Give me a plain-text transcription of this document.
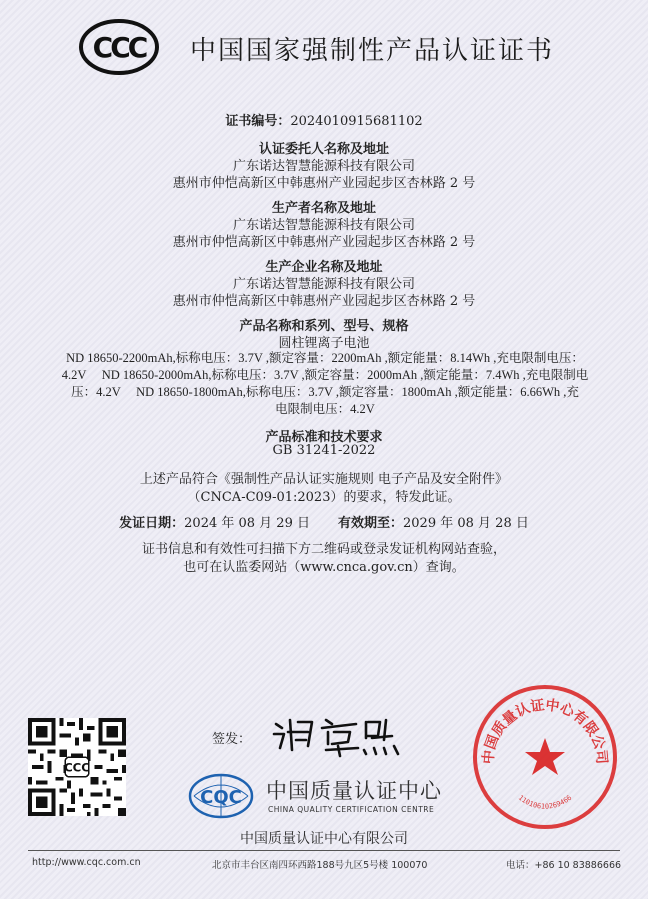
CCC 中国国家强制性产品认证证书
证书编号：2024010915681102
认证委托人名称及地址
广东诺达智慧能源科技有限公司
惠州市仲恺高新区中韩惠州产业园起步区杏林路 2 号
生产者名称及地址
广东诺达智慧能源科技有限公司
惠州市仲恺高新区中韩惠州产业园起步区杏林路 2 号
生产企业名称及地址
广东诺达智慧能源科技有限公司
惠州市仲恺高新区中韩惠州产业园起步区杏林路 2 号
产品名称和系列、型号、规格
圆柱锂离子电池
ND 18650-2200mAh,标称电压：3.7V ,额定容量：2200mAh ,额定能量：8.14Wh ,充电限制电压：
4.2V     ND 18650-2000mAh,标称电压：3.7V ,额定容量：2000mAh ,额定能量：7.4Wh ,充电限制电
压：4.2V     ND 18650-1800mAh,标称电压：3.7V ,额定容量：1800mAh ,额定能量：6.66Wh ,充
电限制电压：4.2V
产品标准和技术要求
GB 31241-2022
上述产品符合《强制性产品认证实施规则 电子产品及安全附件》
（CNCA-C09-01:2023）的要求，特发此证。
发证日期：2024 年 08 月 29 日 有效期至：2029 年 08 月 28 日
证书信息和有效性可扫描下方二维码或登录发证机构网站查验，
也可在认监委网站（www.cnca.gov.cn）查询。
CCC
签发：
CQC 中国质量认证中心
CHINA QUALITY CERTIFICATION CENTRE
中国质量认证中心有限公司
中国质量认证中心有限公司
1101061026946​6
http://www.cqc.com.cn	北京市丰台区南四环西路188号九区5号楼 100070	电话：+86 10 83886666
